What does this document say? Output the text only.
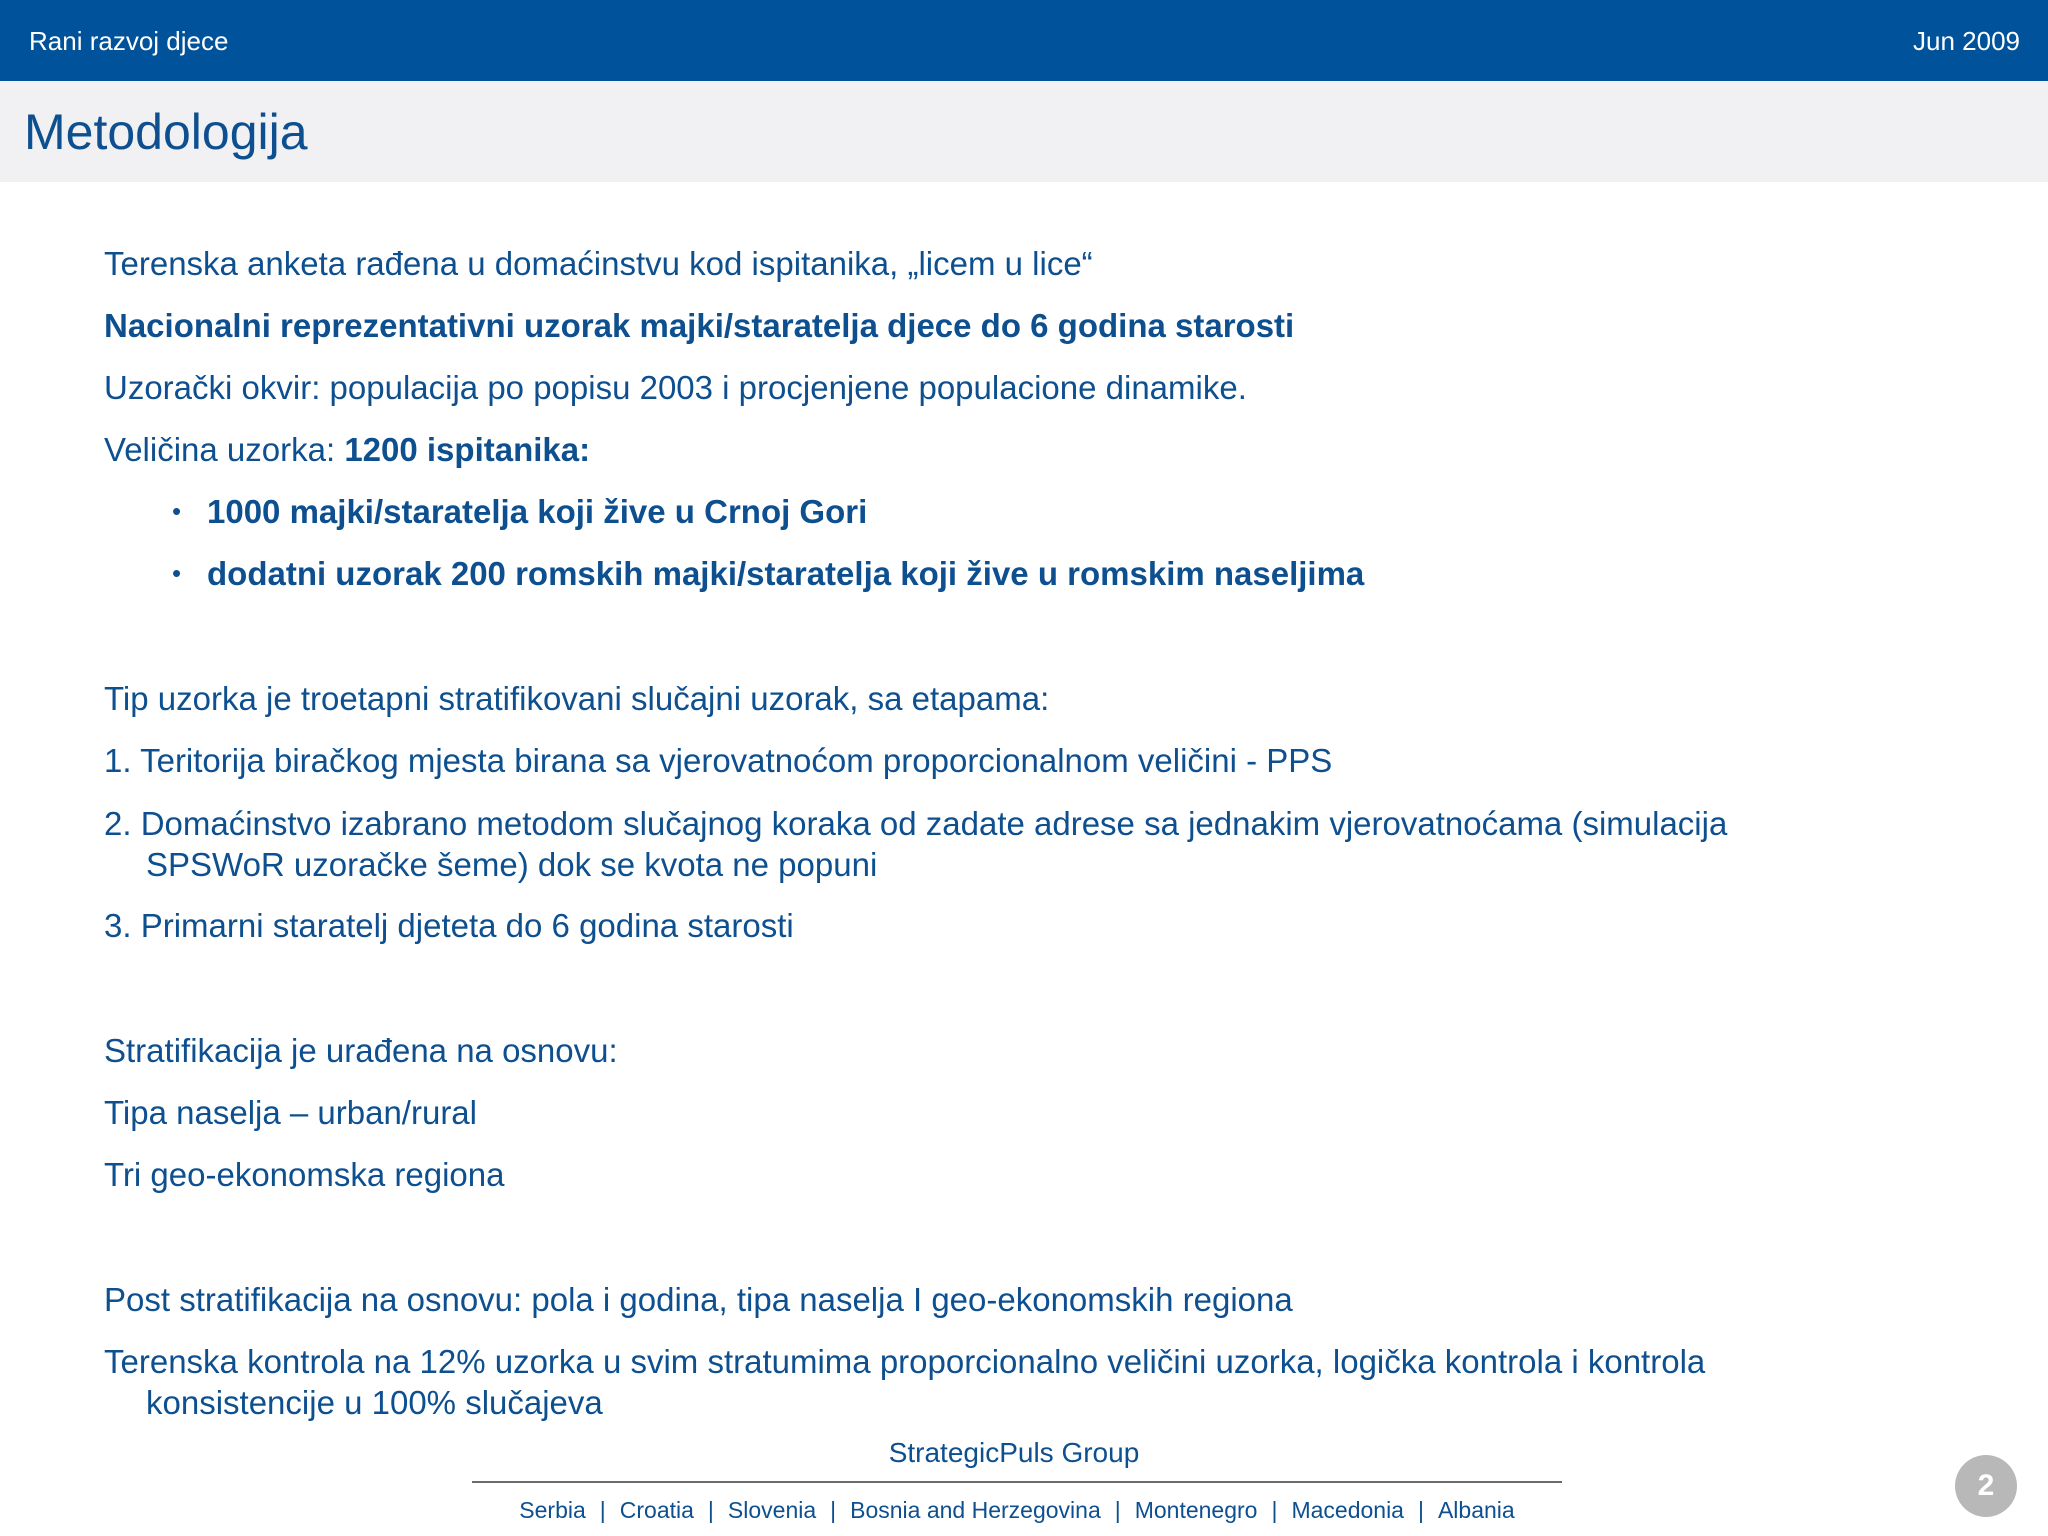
Rani razvoj djece	Jun 2009
Metodologija
Terenska anketa rađena u domaćinstvu kod ispitanika, „licem u lice“
Nacionalni reprezentativni uzorak majki/staratelja djece do 6 godina starosti
Uzorački okvir: populacija po popisu 2003 i procjenjene populacione dinamike.
Veličina uzorka: 1200 ispitanika:
• 1000 majki/staratelja koji žive u Crnoj Gori
• dodatni uzorak 200 romskih majki/staratelja koji žive u romskim naseljima
Tip uzorka je troetapni stratifikovani slučajni uzorak, sa etapama:
1. Teritorija biračkog mjesta birana sa vjerovatnoćom proporcionalnom veličini - PPS
2. Domaćinstvo izabrano metodom slučajnog koraka od zadate adrese sa jednakim vjerovatnoćama (simulacija
SPSWoR uzoračke šeme) dok se kvota ne popuni
3. Primarni staratelj djeteta do 6 godina starosti
Stratifikacija je urađena na osnovu:
Tipa naselja – urban/rural
Tri geo-ekonomska regiona
Post stratifikacija na osnovu: pola i godina, tipa naselja I geo-ekonomskih regiona
Terenska kontrola na 12% uzorka u svim stratumima proporcionalno veličini uzorka, logička kontrola i kontrola
konsistencije u 100% slučajeva
StrategicPuls Group
Serbia | Croatia | Slovenia | Bosnia and Herzegovina | Montenegro | Macedonia | Albania
2
